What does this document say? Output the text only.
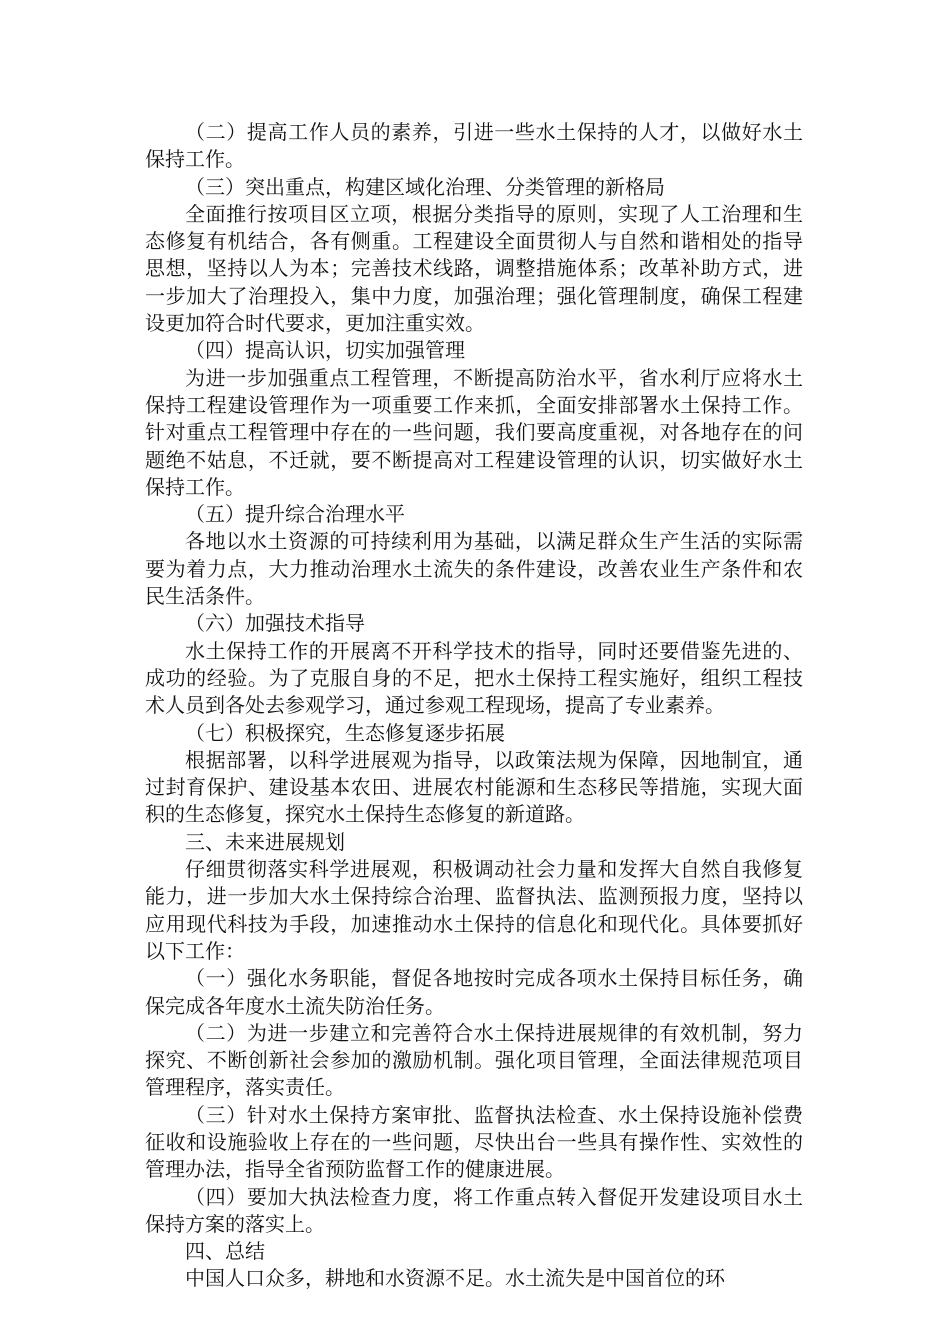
（二）提高工作人员的素养，引进一些水土保持的人才，以做好水土保持工作。

（三）突出重点，构建区域化治理、分类管理的新格局

全面推行按项目区立项，根据分类指导的原则，实现了人工治理和生态修复有机结合，各有侧重。工程建设全面贯彻人与自然和谐相处的指导思想，坚持以人为本；完善技术线路，调整措施体系；改革补助方式，进一步加大了治理投入，集中力度，加强治理；强化管理制度，确保工程建设更加符合时代要求，更加注重实效。

（四）提高认识，切实加强管理

为进一步加强重点工程管理，不断提高防治水平，省水利厅应将水土保持工程建设管理作为一项重要工作来抓，全面安排部署水土保持工作。针对重点工程管理中存在的一些问题，我们要高度重视，对各地存在的问题绝不姑息，不迁就，要不断提高对工程建设管理的认识，切实做好水土保持工作。

（五）提升综合治理水平

各地以水土资源的可持续利用为基础，以满足群众生产生活的实际需要为着力点，大力推动治理水土流失的条件建设，改善农业生产条件和农民生活条件。

（六）加强技术指导

水土保持工作的开展离不开科学技术的指导，同时还要借鉴先进的、成功的经验。为了克服自身的不足，把水土保持工程实施好，组织工程技术人员到各处去参观学习，通过参观工程现场，提高了专业素养。

（七）积极探究，生态修复逐步拓展

根据部署，以科学进展观为指导，以政策法规为保障，因地制宜，通过封育保护、建设基本农田、进展农村能源和生态移民等措施，实现大面积的生态修复，探究水土保持生态修复的新道路。

三、未来进展规划

仔细贯彻落实科学进展观，积极调动社会力量和发挥大自然自我修复能力，进一步加大水土保持综合治理、监督执法、监测预报力度，坚持以应用现代科技为手段，加速推动水土保持的信息化和现代化。具体要抓好以下工作：

（一）强化水务职能，督促各地按时完成各项水土保持目标任务，确保完成各年度水土流失防治任务。

（二）为进一步建立和完善符合水土保持进展规律的有效机制，努力探究、不断创新社会参加的激励机制。强化项目管理，全面法律规范项目管理程序，落实责任。

（三）针对水土保持方案审批、监督执法检查、水土保持设施补偿费征收和设施验收上存在的一些问题，尽快出台一些具有操作性、实效性的管理办法，指导全省预防监督工作的健康进展。

（四）要加大执法检查力度，将工作重点转入督促开发建设项目水土保持方案的落实上。

四、总结

中国人口众多，耕地和水资源不足。水土流失是中国首位的环
